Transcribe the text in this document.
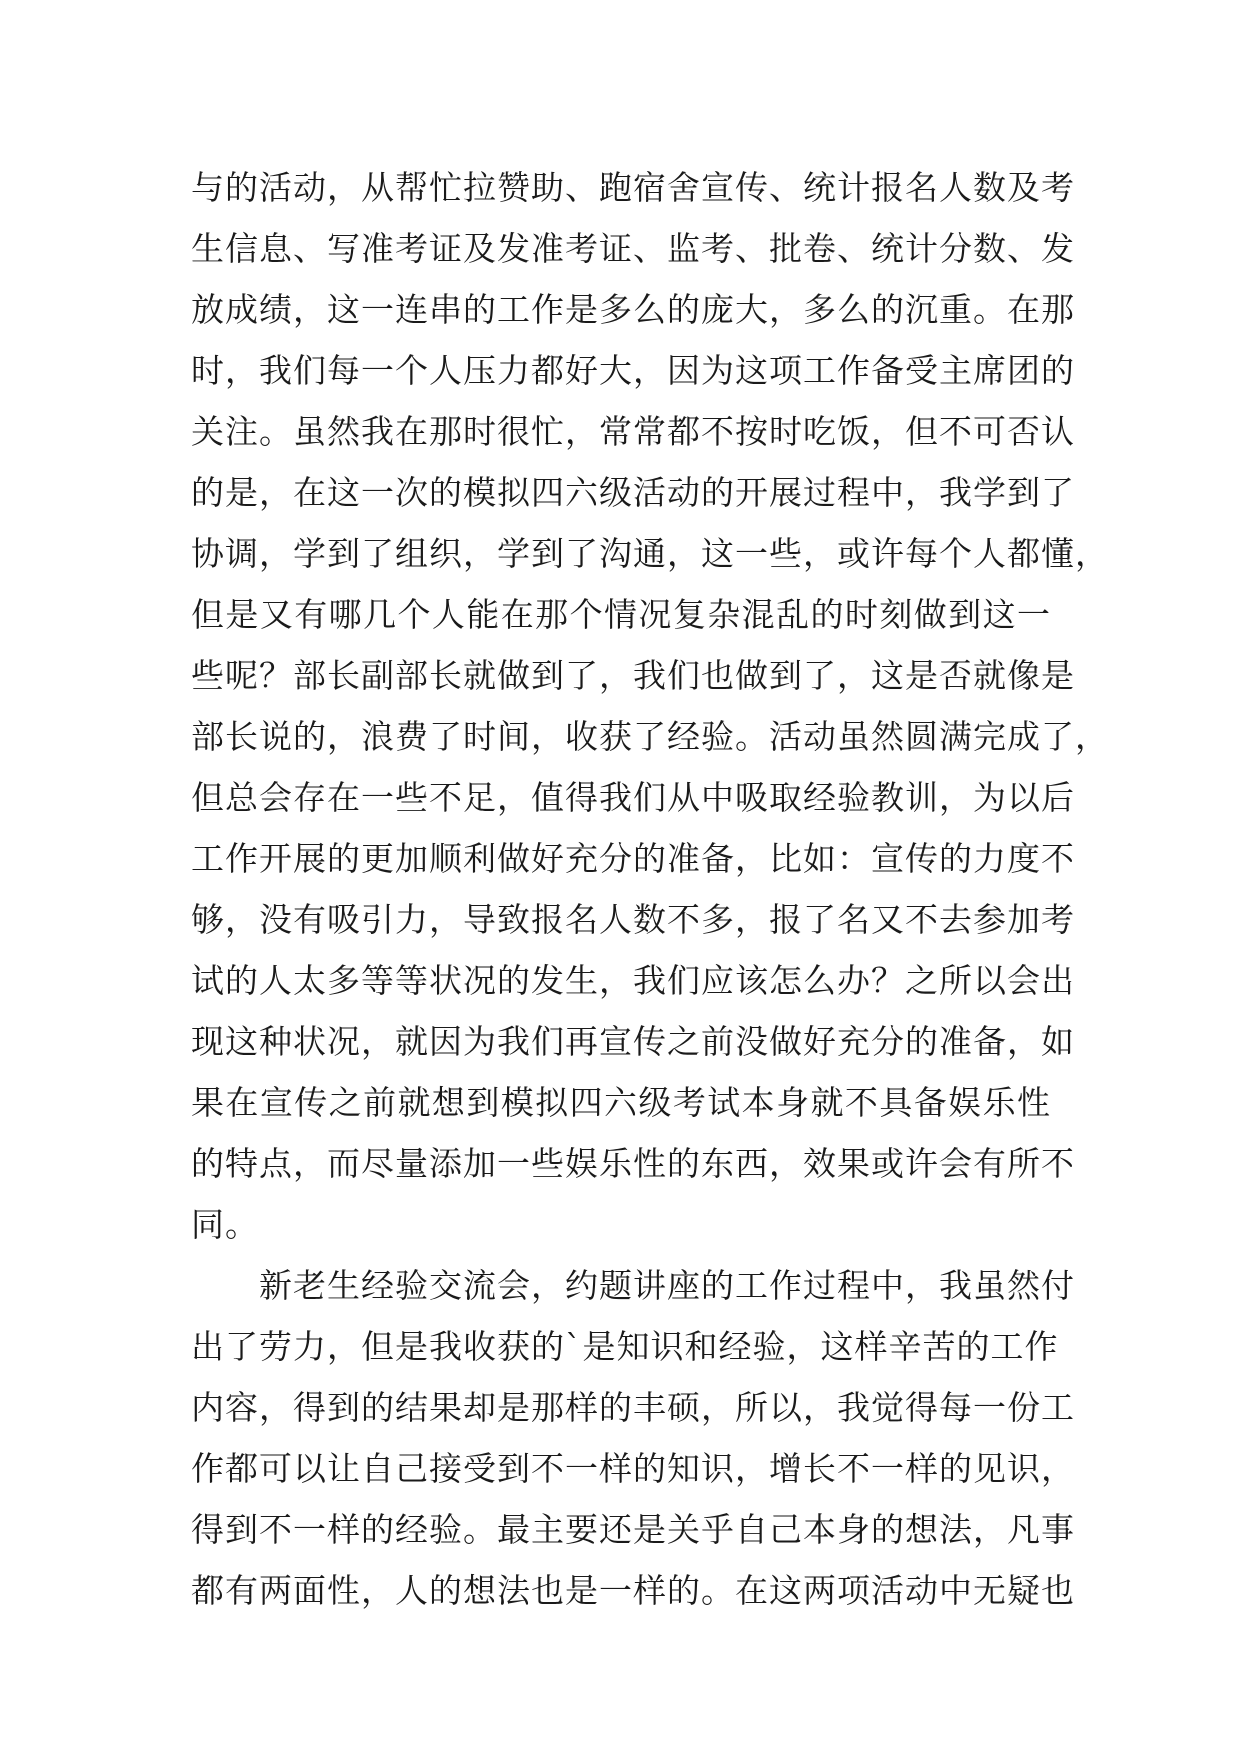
与的活动，从帮忙拉赞助、跑宿舍宣传、统计报名人数及考
生信息、写准考证及发准考证、监考、批卷、统计分数、发
放成绩，这一连串的工作是多么的庞大，多么的沉重。在那
时，我们每一个人压力都好大，因为这项工作备受主席团的
关注。虽然我在那时很忙，常常都不按时吃饭，但不可否认
的是，在这一次的模拟四六级活动的开展过程中，我学到了
协调，学到了组织，学到了沟通，这一些，或许每个人都懂，
但是又有哪几个人能在那个情况复杂混乱的时刻做到这一
些呢？部长副部长就做到了，我们也做到了，这是否就像是
部长说的，浪费了时间，收获了经验。活动虽然圆满完成了，
但总会存在一些不足，值得我们从中吸取经验教训，为以后
工作开展的更加顺利做好充分的准备，比如：宣传的力度不
够，没有吸引力，导致报名人数不多，报了名又不去参加考
试的人太多等等状况的发生，我们应该怎么办？之所以会出
现这种状况，就因为我们再宣传之前没做好充分的准备，如
果在宣传之前就想到模拟四六级考试本身就不具备娱乐性
的特点，而尽量添加一些娱乐性的东西，效果或许会有所不
同。
　　新老生经验交流会，约题讲座的工作过程中，我虽然付
出了劳力，但是我收获的`是知识和经验，这样辛苦的工作
内容，得到的结果却是那样的丰硕，所以，我觉得每一份工
作都可以让自己接受到不一样的知识，增长不一样的见识，
得到不一样的经验。最主要还是关乎自己本身的想法，凡事
都有两面性，人的想法也是一样的。在这两项活动中无疑也
